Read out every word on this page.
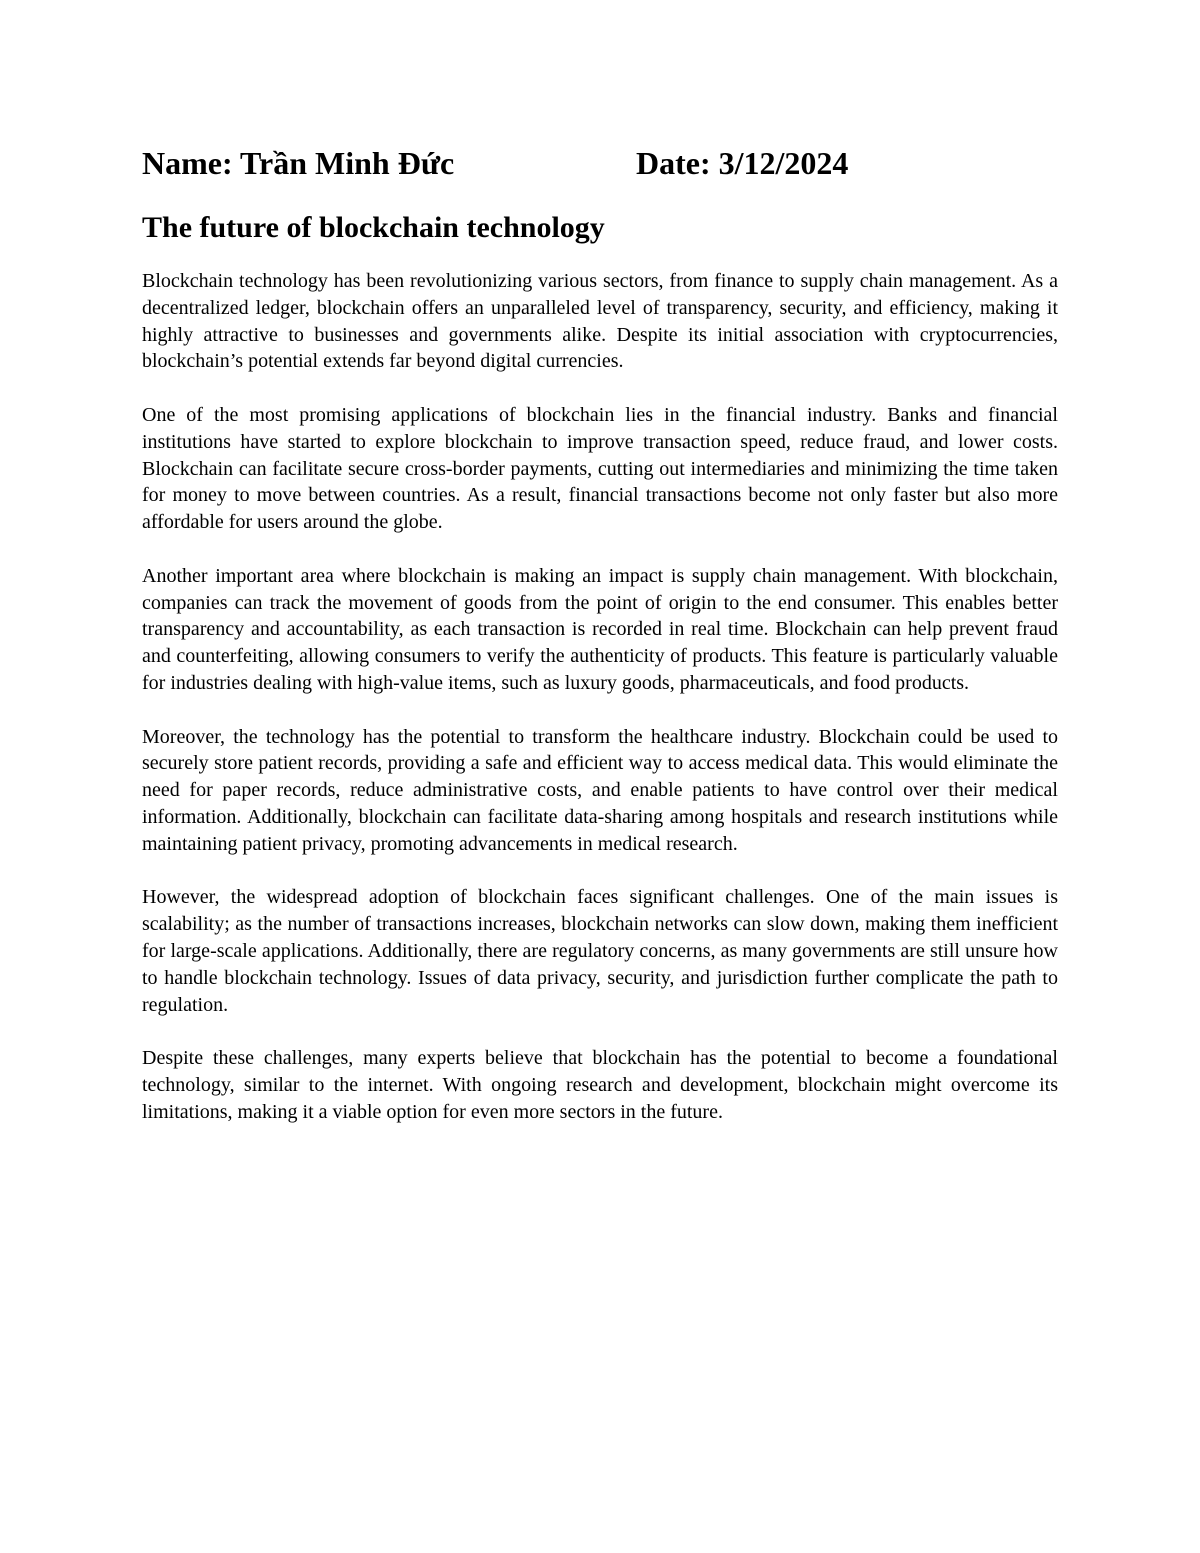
Name: Trần Minh Đức	Date: 3/12/2024
The future of blockchain technology

Blockchain technology has been revolutionizing various sectors, from finance to supply chain management. As a decentralized ledger, blockchain offers an unparalleled level of transparency, security, and efficiency, making it highly attractive to businesses and governments alike. Despite its initial association with cryptocurrencies, blockchain’s potential extends far beyond digital currencies.

One of the most promising applications of blockchain lies in the financial industry. Banks and financial institutions have started to explore blockchain to improve transaction speed, reduce fraud, and lower costs. Blockchain can facilitate secure cross-border payments, cutting out intermediaries and minimizing the time taken for money to move between countries. As a result, financial transactions become not only faster but also more affordable for users around the globe.

Another important area where blockchain is making an impact is supply chain management. With blockchain, companies can track the movement of goods from the point of origin to the end consumer. This enables better transparency and accountability, as each transaction is recorded in real time. Blockchain can help prevent fraud and counterfeiting, allowing consumers to verify the authenticity of products. This feature is particularly valuable for industries dealing with high-value items, such as luxury goods, pharmaceuticals, and food products.

Moreover, the technology has the potential to transform the healthcare industry. Blockchain could be used to securely store patient records, providing a safe and efficient way to access medical data. This would eliminate the need for paper records, reduce administrative costs, and enable patients to have control over their medical information. Additionally, blockchain can facilitate data-sharing among hospitals and research institutions while maintaining patient privacy, promoting advancements in medical research.

However, the widespread adoption of blockchain faces significant challenges. One of the main issues is scalability; as the number of transactions increases, blockchain networks can slow down, making them inefficient for large-scale applications. Additionally, there are regulatory concerns, as many governments are still unsure how to handle blockchain technology. Issues of data privacy, security, and jurisdiction further complicate the path to regulation.

Despite these challenges, many experts believe that blockchain has the potential to become a foundational technology, similar to the internet. With ongoing research and development, blockchain might overcome its limitations, making it a viable option for even more sectors in the future.
